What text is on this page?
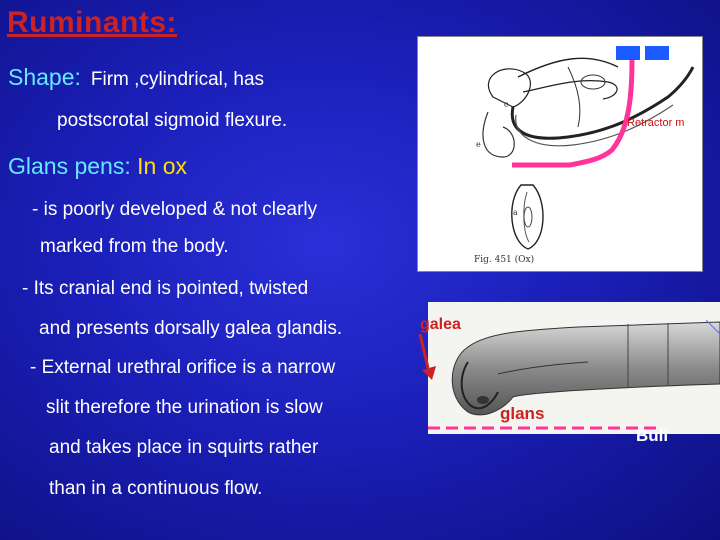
Ruminants:
Shape: Firm ,cylindrical, has
postscrotal sigmoid flexure.
Glans pens: In ox
- is poorly developed & not clearly
marked from the body.
- Its cranial end is pointed, twisted
and presents dorsally galea glandis.
- External urethral orifice is a narrow
slit therefore the urination is slow
and takes place in squirts rather
than in a continuous flow.
c
e
a
Fig. 451 (Ox)
Retractor m
galea
glans
Bull
